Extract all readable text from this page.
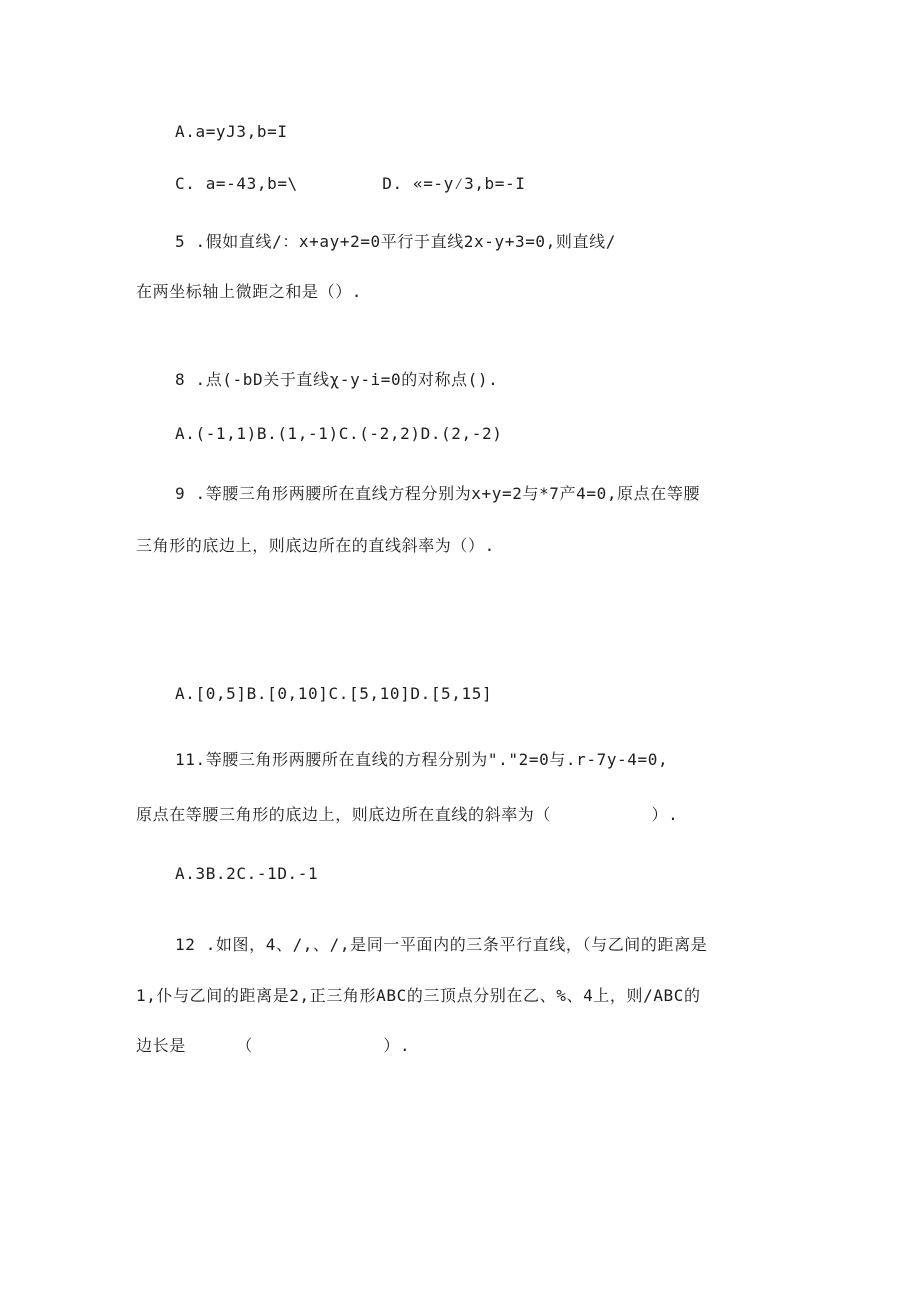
A.a=yJ3,b=I
C. a=-43,b=\	D. «=-y⁄3,b=-I
5 .假如直线/：x+ay+2=0平行于直线2x-y+3=0,则直线/
在两坐标轴上微距之和是（）.
8 .点(-bD关于直线χ-y-i=0的对称点().
A.(-1,1)B.(1,-1)C.(-2,2)D.(2,-2)
9 .等腰三角形两腰所在直线方程分别为x+y=2与*7产4=0,原点在等腰
三角形的底边上，则底边所在的直线斜率为（）.
A.[0,5]B.[0,10]C.[5,10]D.[5,15]
11.等腰三角形两腰所在直线的方程分别为"."2=0与.r-7y-4=0,
原点在等腰三角形的底边上，则底边所在直线的斜率为（	）.
A.3B.2C.-1D.-1
12 .如图，4、/,、/,是同一平面内的三条平行直线，（与乙间的距离是
1,仆与乙间的距离是2,正三角形ABC的三顶点分别在乙、%、4上，则/ABC的
边长是	（	）.
